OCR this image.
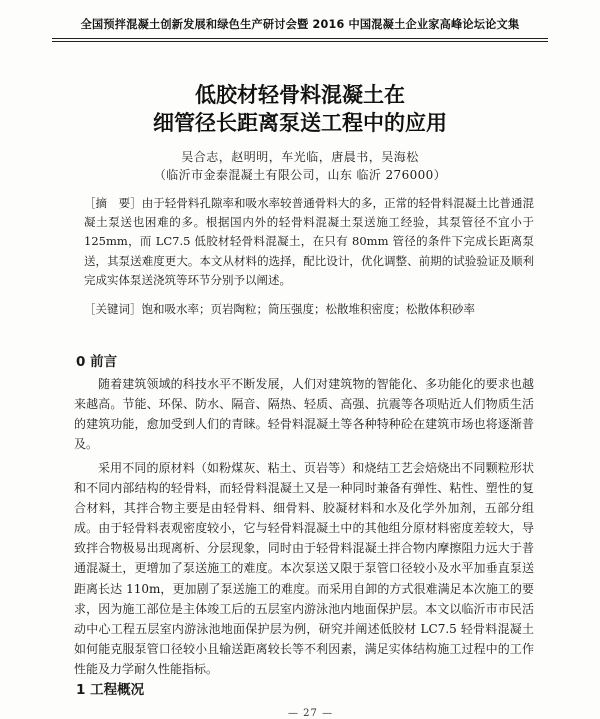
全国预拌混凝土创新发展和绿色生产研讨会暨 2016 中国混凝土企业家高峰论坛论文集
低胶材轻骨料混凝土在
细管径长距离泵送工程中的应用
吴合志，赵明明，车光临，唐晨书，吴海松
（临沂市金泰混凝土有限公司，山东 临沂 276000）

［摘　要］由于轻骨料孔隙率和吸水率较普通骨料大的多，正常的轻骨料混凝土比普通混凝土泵送也困难的多。根据国内外的轻骨料混凝土泵送施工经验，其泵管径不宜小于 125mm，而 LC7.5 低胶材轻骨料混凝土，在只有 80mm 管径的条件下完成长距离泵送，其泵送难度更大。本文从材料的选择，配比设计，优化调整、前期的试验验证及顺利完成实体泵送浇筑等环节分别予以阐述。

［关键词］饱和吸水率；页岩陶粒；筒压强度；松散堆积密度；松散体积砂率

0 前言

随着建筑领域的科技水平不断发展，人们对建筑物的智能化、多功能化的要求也越来越高。节能、环保、防水、隔音、隔热、轻质、高强、抗震等各项贴近人们物质生活的建筑功能，愈加受到人们的青睐。轻骨料混凝土等各种特种砼在建筑市场也将逐渐普及。

采用不同的原材料（如粉煤灰、粘土、页岩等）和烧结工艺会焙烧出不同颗粒形状和不同内部结构的轻骨料，而轻骨料混凝土又是一种同时兼备有弹性、粘性、塑性的复合材料，其拌合物主要是由轻骨料、细骨料、胶凝材料和水及化学外加剂，五部分组成。由于轻骨料表观密度较小，它与轻骨料混凝土中的其他组分原材料密度差较大，导致拌合物极易出现离析、分层现象，同时由于轻骨料混凝土拌合物内摩擦阻力远大于普通混凝土，更增加了泵送施工的难度。本次泵送又限于泵管口径较小及水平加垂直泵送距离长达 110m，更加剧了泵送施工的难度。而采用自卸的方式很难满足本次施工的要求，因为施工部位是主体竣工后的五层室内游泳池内地面保护层。本文以临沂市市民活动中心工程五层室内游泳池地面保护层为例，研究并阐述低胶材 LC7.5 轻骨料混凝土如何能克服泵管口径较小且输送距离较长等不利因素，满足实体结构施工过程中的工作性能及力学耐久性能指标。

1 工程概况
— 27 —
